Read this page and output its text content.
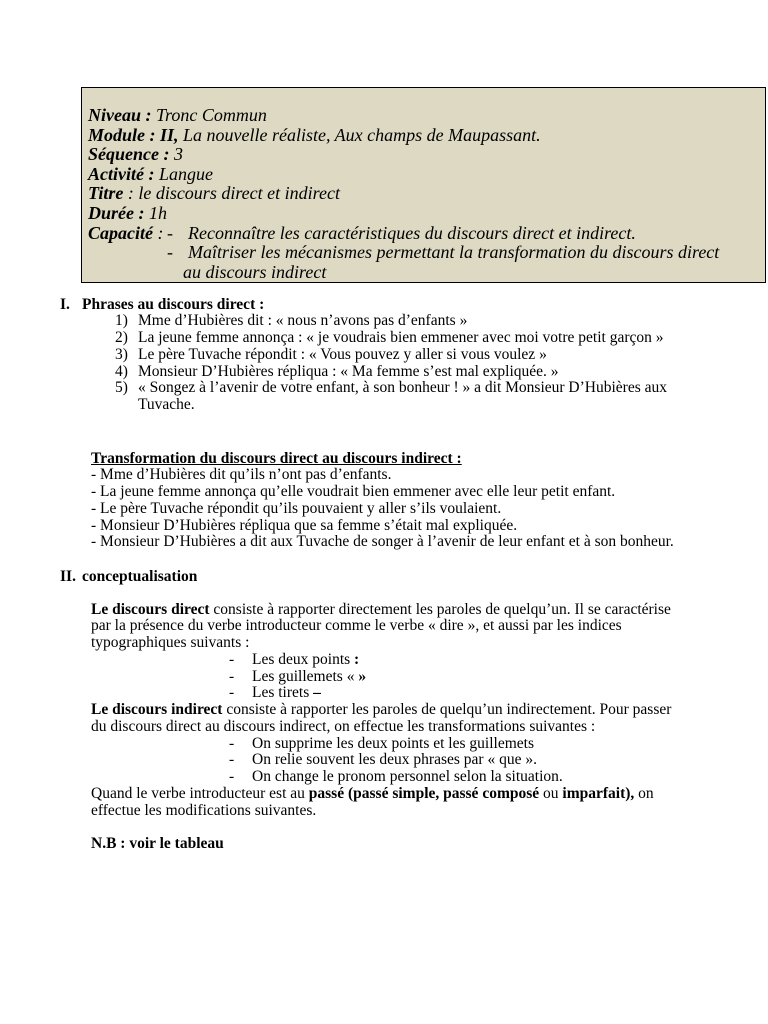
Niveau : Tronc Commun
Module : II, La nouvelle réaliste, Aux champs de Maupassant.
Séquence : 3
Activité : Langue
Titre : le discours direct et indirect
Durée : 1h
Capacité : - Reconnaître les caractéristiques du discours direct et indirect.
- Maîtriser les mécanismes permettant la transformation du discours direct
au discours indirect
I. Phrases au discours direct :
1) Mme d’Hubières dit : « nous n’avons pas d’enfants »
2) La jeune femme annonça : « je voudrais bien emmener avec moi votre petit garçon »
3) Le père Tuvache répondit : « Vous pouvez y aller si vous voulez »
4) Monsieur D’Hubières répliqua : « Ma femme s’est mal expliquée. »
5) « Songez à l’avenir de votre enfant, à son bonheur ! » a dit Monsieur D’Hubières aux
Tuvache.
Transformation du discours direct au discours indirect :
- Mme d’Hubières dit qu’ils n’ont pas d’enfants.
- La jeune femme annonça qu’elle voudrait bien emmener avec elle leur petit enfant.
- Le père Tuvache répondit qu’ils pouvaient y aller s’ils voulaient.
- Monsieur D’Hubières répliqua que sa femme s’était mal expliquée.
- Monsieur D’Hubières a dit aux Tuvache de songer à l’avenir de leur enfant et à son bonheur.
II. conceptualisation
Le discours direct consiste à rapporter directement les paroles de quelqu’un. Il se caractérise
par la présence du verbe introducteur comme le verbe « dire », et aussi par les indices
typographiques suivants :
- Les deux points :
- Les guillemets « »
- Les tirets –
Le discours indirect consiste à rapporter les paroles de quelqu’un indirectement. Pour passer
du discours direct au discours indirect, on effectue les transformations suivantes :
- On supprime les deux points et les guillemets
- On relie souvent les deux phrases par « que ».
- On change le pronom personnel selon la situation.
Quand le verbe introducteur est au passé (passé simple, passé composé ou imparfait), on
effectue les modifications suivantes.
N.B : voir le tableau
